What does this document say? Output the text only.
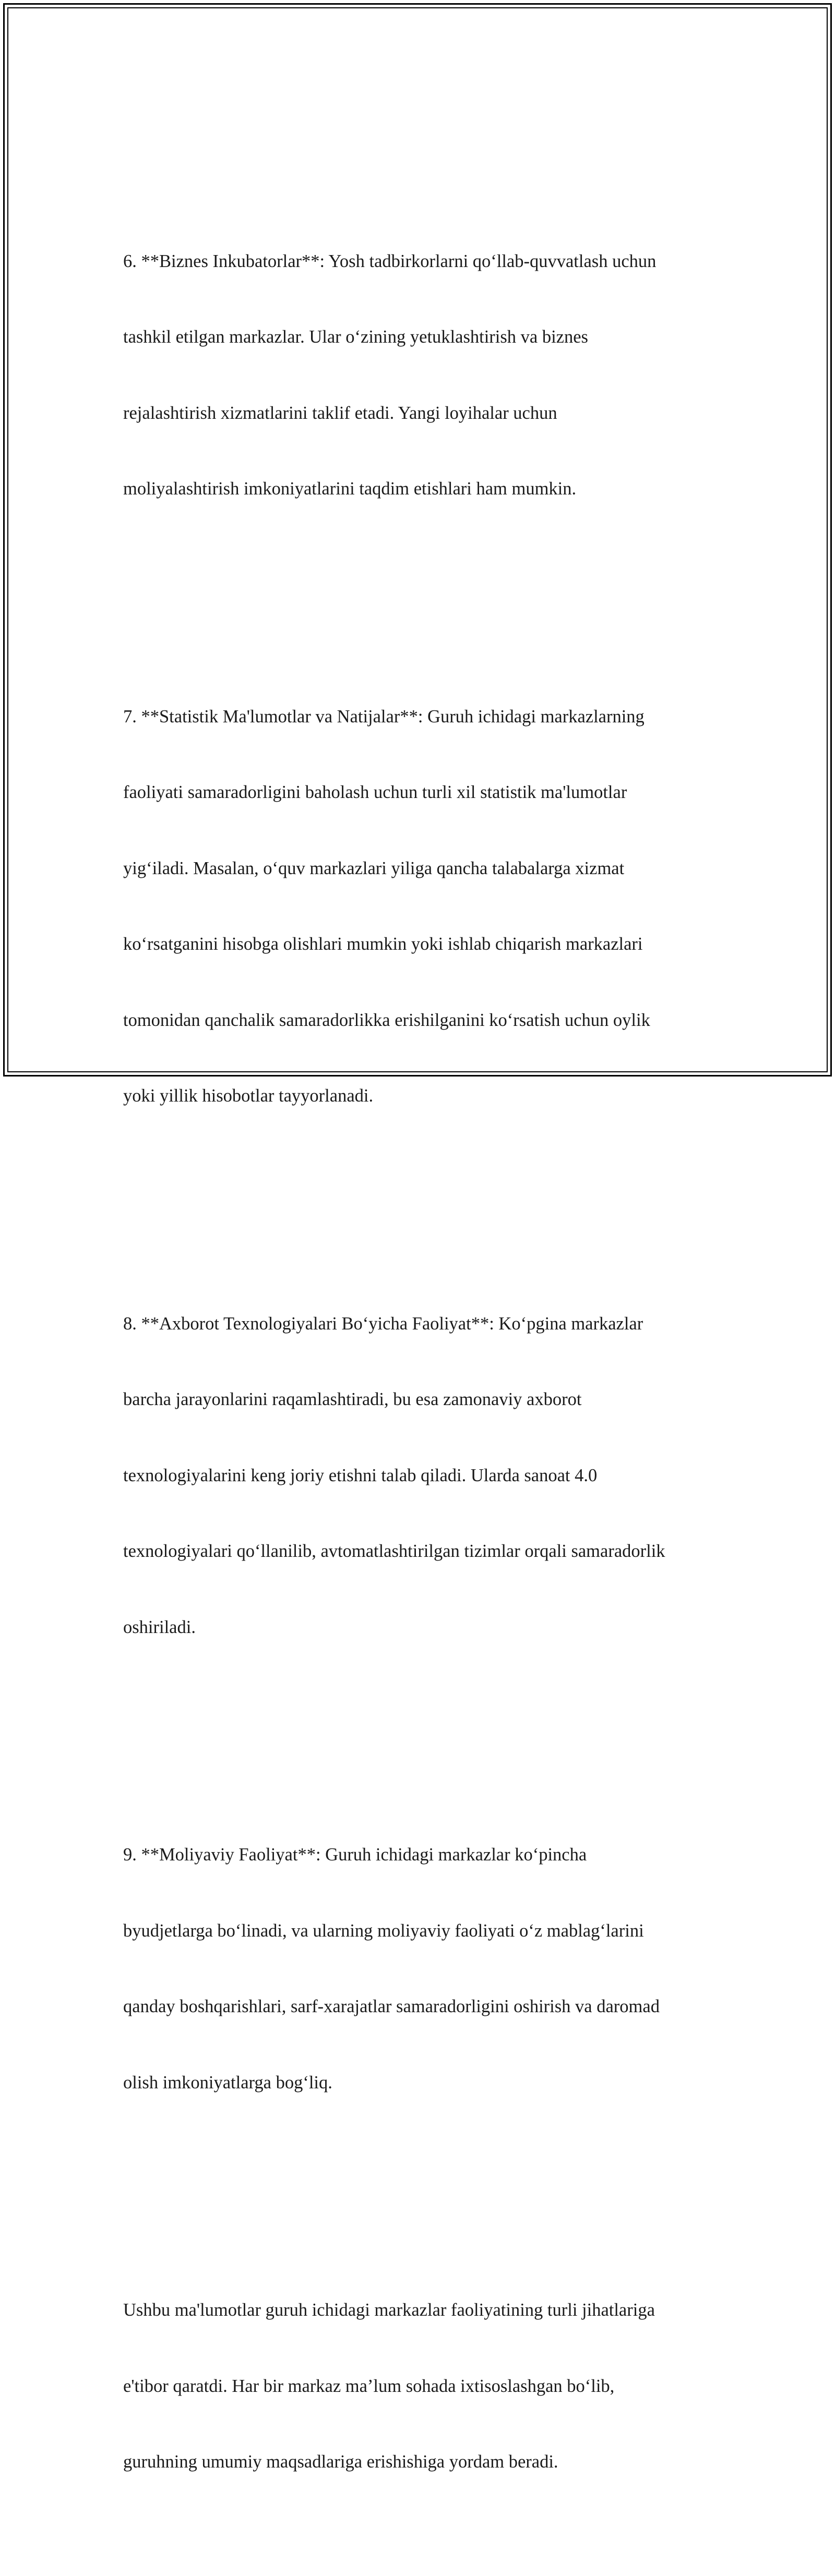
6. **Biznes Inkubatorlar**: Yosh tadbirkorlarni qo‘llab-quvvatlash uchun

tashkil etilgan markazlar. Ular o‘zining yetuklashtirish va biznes

rejalashtirish xizmatlarini taklif etadi. Yangi loyihalar uchun

moliyalashtirish imkoniyatlarini taqdim etishlari ham mumkin.

7. **Statistik Ma'lumotlar va Natijalar**: Guruh ichidagi markazlarning

faoliyati samaradorligini baholash uchun turli xil statistik ma'lumotlar

yig‘iladi. Masalan, o‘quv markazlari yiliga qancha talabalarga xizmat

ko‘rsatganini hisobga olishlari mumkin yoki ishlab chiqarish markazlari

tomonidan qanchalik samaradorlikka erishilganini ko‘rsatish uchun oylik

yoki yillik hisobotlar tayyorlanadi.

8. **Axborot Texnologiyalari Bo‘yicha Faoliyat**: Ko‘pgina markazlar

barcha jarayonlarini raqamlashtiradi, bu esa zamonaviy axborot

texnologiyalarini keng joriy etishni talab qiladi. Ularda sanoat 4.0

texnologiyalari qo‘llanilib, avtomatlashtirilgan tizimlar orqali samaradorlik

oshiriladi.

9. **Moliyaviy Faoliyat**: Guruh ichidagi markazlar ko‘pincha

byudjetlarga bo‘linadi, va ularning moliyaviy faoliyati o‘z mablag‘larini

qanday boshqarishlari, sarf-xarajatlar samaradorligini oshirish va daromad

olish imkoniyatlarga bog‘liq.

Ushbu ma'lumotlar guruh ichidagi markazlar faoliyatining turli jihatlariga

e'tibor qaratdi. Har bir markaz ma’lum sohada ixtisoslashgan bo‘lib,

guruhning umumiy maqsadlariga erishishiga yordam beradi.
